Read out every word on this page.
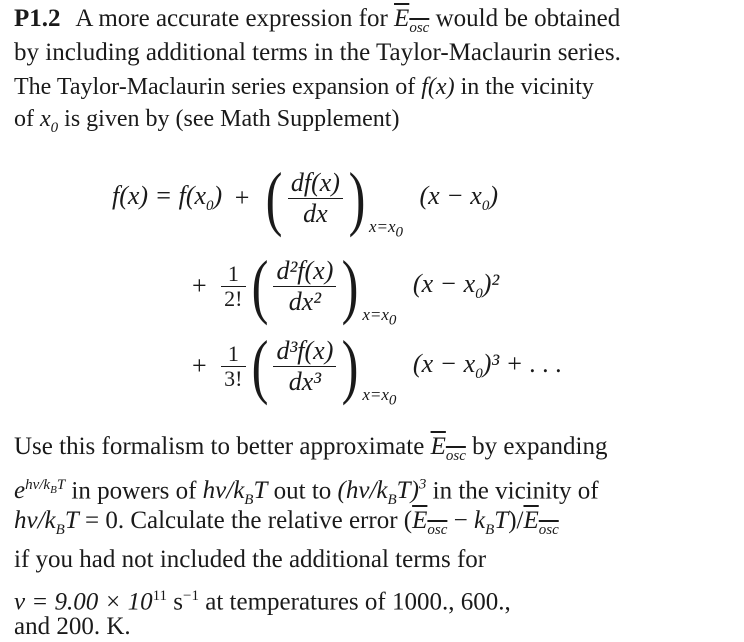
P1.2 A more accurate expression for $E_{osc}$ would be obtained
by including additional terms in the Taylor-Maclaurin series.
The Taylor-Maclaurin series expansion of f(x) in the vicinity
of $x_0$ is given by (see Math Supplement)
$f(x) = f(x_0)$ + ( $\frac{df(x)}{dx}$ ) $x=x_0$ $(x - x_0)$
+ $\frac{1}{2!}$ ( $\frac{\text{d²f(x)}}{\text{dx²}}$ ) $x=x_0$ $(x - x_0)^2$
+ $\frac{1}{3!}$ ( $\frac{\text{d³f(x)}}{\text{dx³}}$ ) $x=x_0$ $(x - x_0)^3$ + . . .
Use this formalism to better approximate $E_{osc}$ by expanding
$e^{h\nu/k_BT}$ in powers of $h\nu/k_BT$ out to $(h\nu/k_BT)^3$ in the vicinity of
$h\nu/k_BT = 0$. Calculate the relative error $(E_{osc} - k_BT)/E_{osc}$
if you had not included the additional terms for
$\nu = 9.00 \times 10^{11}$ $s^{-1}$ at temperatures of 1000., 600.,
and 200. K.
